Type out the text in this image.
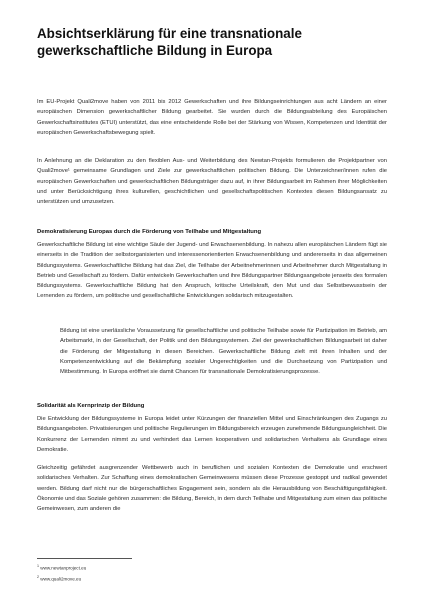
Absichtserklärung für eine transnationale gewerkschaftliche Bildung in Europa

Im EU-Projekt Quali2move haben von 2011 bis 2012 Gewerkschaften und ihre Bildungseinrichtungen aus acht Ländern an einer europäischen Dimension gewerkschaftlicher Bildung gearbeitet. Sie wurden durch die Bildungsabteilung des Europäischen Gewerkschaftsinstitutes (ETUI) unterstützt, das eine entscheidende Rolle bei der Stärkung von Wissen, Kompetenzen und Identität der europäischen Gewerkschaftsbewegung spielt.

In Anlehnung an die Deklaration zu den flexiblen Aus- und Weiterbildung des Newtan-Projekts formulieren die Projektpartner von Quali2move¹ gemeinsame Grundlagen und Ziele zur gewerkschaftlichen politischen Bildung. Die Unterzeichner/innen rufen die europäischen Gewerkschaften und gewerkschaftlichen Bildungsträger dazu auf, in ihrer Bildungsarbeit im Rahmen ihrer Möglichkeiten und unter Berücksichtigung ihres kulturellen, geschichtlichen und gesellschaftspolitischen Kontextes diesen Bildungsansatz zu unterstützen und umzusetzen.

Demokratisierung Europas durch die Förderung von Teilhabe und Mitgestaltung

Gewerkschaftliche Bildung ist eine wichtige Säule der Jugend- und Erwachsenenbildung. In nahezu allen europäischen Ländern fügt sie einerseits in die Tradition der selbstorganisierten und interessenorientierten Erwachsenenbildung und andererseits in das allgemeinen Bildungssystems. Gewerkschaftliche Bildung hat das Ziel, die Teilhabe der Arbeitnehmerinnen und Arbeitnehmer durch Mitgestaltung in Betrieb und Gesellschaft zu fördern. Dafür entwickeln Gewerkschaften und ihre Bildungspartner Bildungsangebote jenseits des formalen Bildungssystems. Gewerkschaftliche Bildung hat den Anspruch, kritische Urteilskraft, den Mut und das Selbstbewusstsein der Lernenden zu fördern, um politische und gesellschaftliche Entwicklungen solidarisch mitzugestalten.

Bildung ist eine unerlässliche Voraussetzung für gesellschaftliche und politische Teilhabe sowie für Partizipation im Betrieb, am Arbeitsmarkt, in der Gesellschaft, der Politik und den Bildungssystemen. Ziel der gewerkschaftlichen Bildungsarbeit ist daher die Förderung der Mitgestaltung in diesen Bereichen. Gewerkschaftliche Bildung zielt mit ihren Inhalten und der Kompetenzentwicklung auf die Bekämpfung sozialer Ungerechtigkeiten und die Durchsetzung von Partizipation und Mitbestimmung. In Europa eröffnet sie damit Chancen für transnationale Demokratisierungsprozesse.

Solidarität als Kernprinzip der Bildung

Die Entwicklung der Bildungssysteme in Europa leidet unter Kürzungen der finanziellen Mittel und Einschränkungen des Zugangs zu Bildungsangeboten. Privatisierungen und politische Regulierungen im Bildungsbereich erzeugen zunehmende Bildungsungleichheit. Die Konkurrenz der Lernenden nimmt zu und verhindert das Lernen kooperativen und solidarischen Verhaltens als Grundlage eines Demokratie.

Gleichzeitig gefährdet ausgrenzender Wettbewerb auch in beruflichen und sozialen Kontexten die Demokratie und erschwert solidarisches Verhalten. Zur Schaffung eines demokratischen Gemeinwesens müssen diese Prozesse gestoppt und radikal gewendet werden. Bildung darf nicht nur die bürgerschaftliches Engagement sein, sondern als die Herausbildung von Beschäftigungsfähigkeit. Ökonomie und das Soziale gehören zusammen: die Bildung, Bereich, in dem durch Teilhabe und Mitgestaltung zum einen das politische Gemeinwesen, zum anderen die

$^1$ www.newtanproject.eu
$^2$ www.quali2move.eu
